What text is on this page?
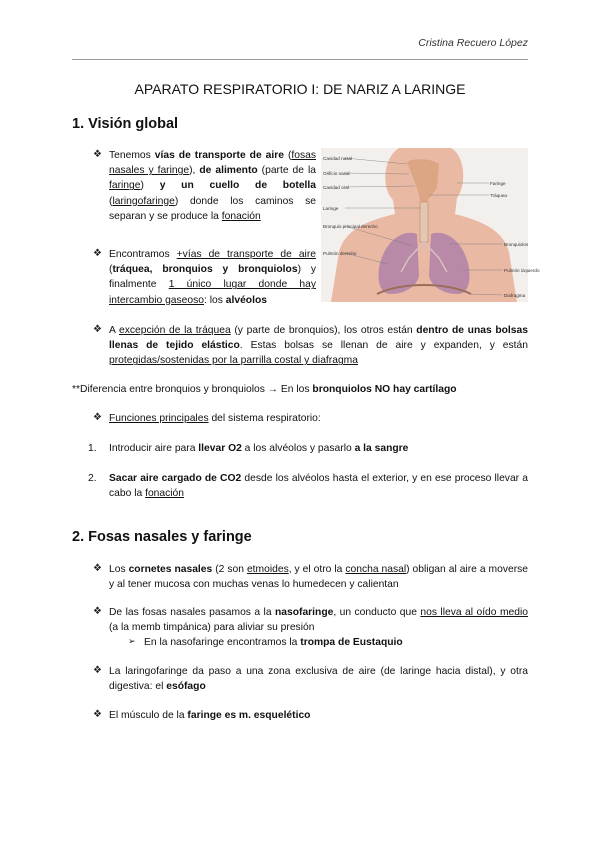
Cristina Recuero López
APARATO RESPIRATORIO I: DE NARIZ A LARINGE
1. Visión global
❖ Tenemos vías de transporte de aire (fosas nasales y faringe), de alimento (parte de la faringe) y un cuello de botella (laringofaringe) donde los caminos se separan y se produce la fonación

❖ Encontramos +vías de transporte de aire (tráquea, bronquios y bronquiolos) y finalmente 1 único lugar donde hay intercambio gaseoso: los alvéolos

Cavidad nasal
Orificio nasal
Cavidad oral
Laringe
Bronquio principal derecho
Pulmón derecho
Faringe
Tráquea
Bronquiolos
Pulmón izquierdo
Diafragma
❖ A excepción de la tráquea (y parte de bronquios), los otros están dentro de unas bolsas llenas de tejido elástico. Estas bolsas se llenan de aire y expanden, y están protegidas/sostenidas por la parrilla costal y diafragma

**Diferencia entre bronquios y bronquiolos → En los bronquiolos NO hay cartílago

❖ Funciones principales del sistema respiratorio:

1. Introducir aire para llevar O2 a los alvéolos y pasarlo a la sangre

2. Sacar aire cargado de CO2 desde los alvéolos hasta el exterior, y en ese proceso llevar a cabo la fonación

2. Fosas nasales y faringe
❖ Los cornetes nasales (2 son etmoides, y el otro la concha nasal) obligan al aire a moverse y al tener mucosa con muchas venas lo humedecen y calientan

❖ De las fosas nasales pasamos a la nasofaringe, un conducto que nos lleva al oído medio (a la memb timpánica) para aliviar su presión

➢ En la nasofaringe encontramos la trompa de Eustaquio

❖ La laringofaringe da paso a una zona exclusiva de aire (de laringe hacia distal), y otra digestiva: el esófago

❖ El músculo de la faringe es m. esquelético
